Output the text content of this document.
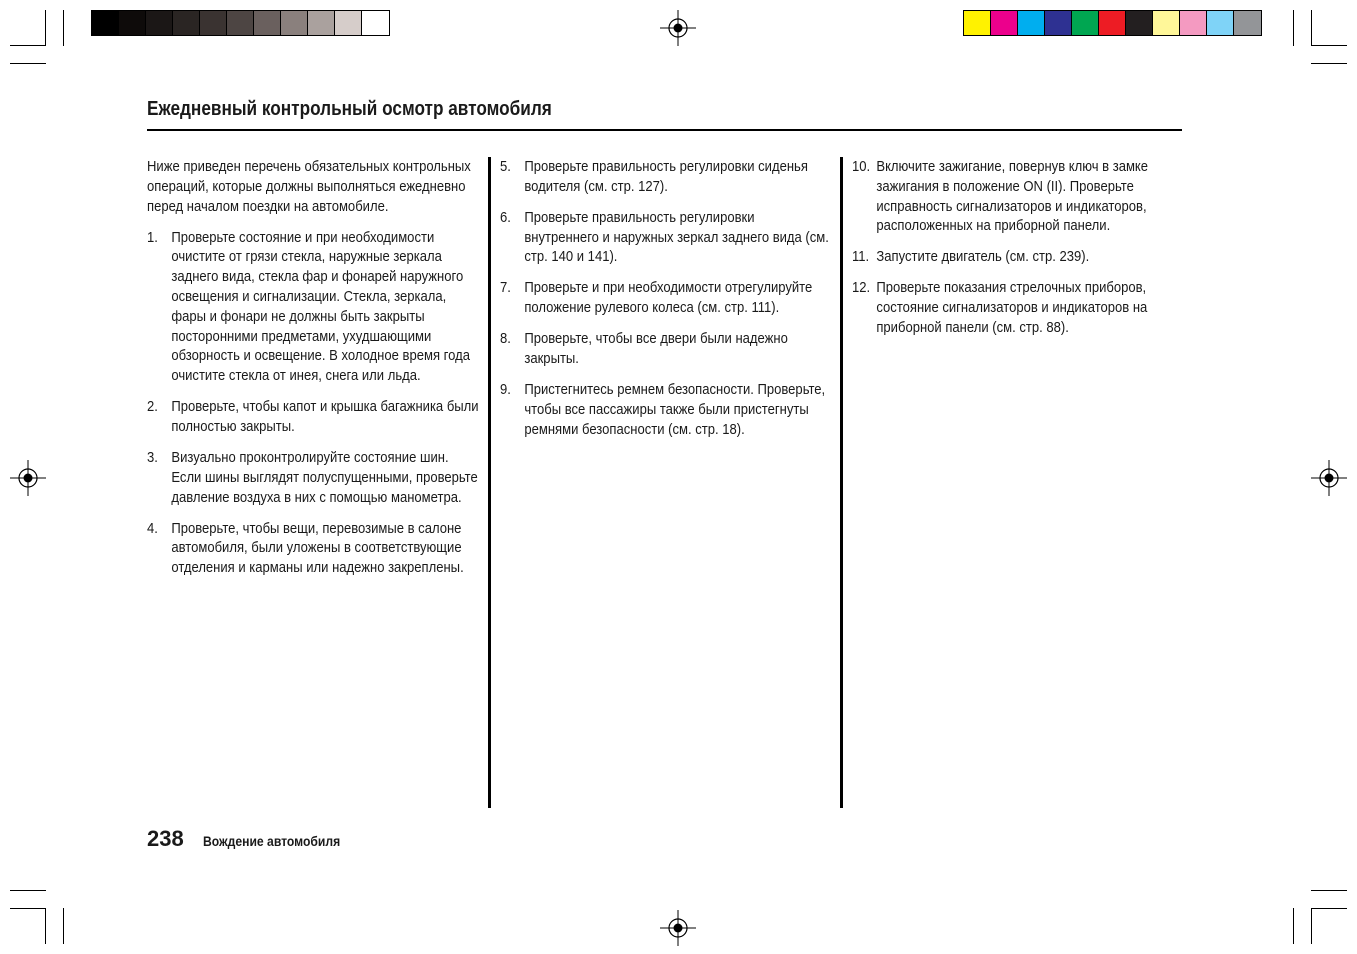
Ежедневный контрольный осмотр автомобиля

Ниже приведен перечень обязательных контрольных операций, которые должны выполняться ежедневно перед началом поездки на автомобиле.

1. Проверьте состояние и при необходимости очистите от грязи стекла, наружные зеркала заднего вида, стекла фар и фонарей наружного освещения и сигнализации. Стекла, зеркала, фары и фонари не должны быть закрыты посторонними предметами, ухудшающими обзорность и освещение. В холодное время года очистите стекла от инея, снега или льда.
2. Проверьте, чтобы капот и крышка багажника были полностью закрыты.
3. Визуально проконтролируйте состояние шин. Если шины выглядят полуспущенными, проверьте давление воздуха в них с помощью манометра.
4. Проверьте, чтобы вещи, перевозимые в салоне автомобиля, были уложены в соответствующие отделения и карманы или надежно закреплены.
5. Проверьте правильность регулировки сиденья водителя (см. стр. 127).
6. Проверьте правильность регулировки внутреннего и наружных зеркал заднего вида (см. стр. 140 и 141).
7. Проверьте и при необходимости отрегулируйте положение рулевого колеса (см. стр. 111).
8. Проверьте, чтобы все двери были надежно закрыты.
9. Пристегнитесь ремнем безопасности. Проверьте, чтобы все пассажиры также были пристегнуты ремнями безопасности (см. стр. 18).
10. Включите зажигание, повернув ключ в замке зажигания в положение ON (II). Проверьте исправность сигнализаторов и индикаторов, расположенных на приборной панели.
11. Запустите двигатель (см. стр. 239).
12. Проверьте показания стрелочных приборов, состояние сигнализаторов и индикаторов на приборной панели (см. стр. 88).
238 Вождение автомобиля
